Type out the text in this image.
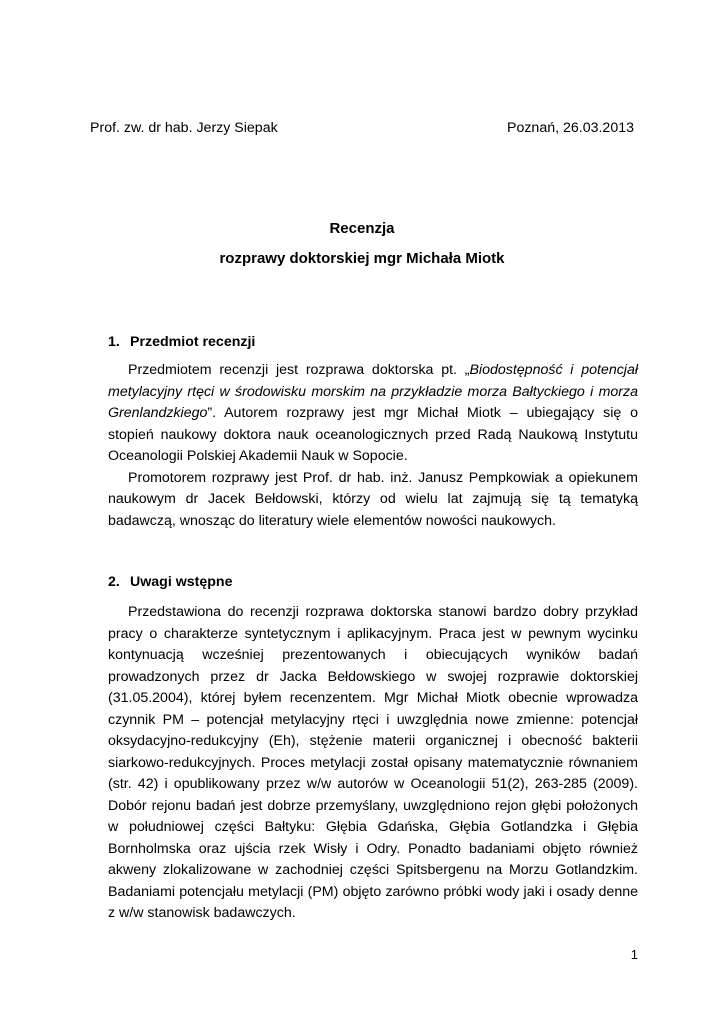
Prof. zw. dr hab. Jerzy Siepak	Poznań, 26.03.2013
Recenzja
rozprawy doktorskiej mgr Michała Miotk
1. Przedmiot recenzji

Przedmiotem recenzji jest rozprawa doktorska pt. „Biodostępność i potencjał metylacyjny rtęci w środowisku morskim na przykładzie morza Bałtyckiego i morza Grenlandzkiego”. Autorem rozprawy jest mgr Michał Miotk – ubiegający się o stopień naukowy doktora nauk oceanologicznych przed Radą Naukową Instytutu Oceanologii Polskiej Akademii Nauk w Sopocie.

Promotorem rozprawy jest Prof. dr hab. inż. Janusz Pempkowiak a opiekunem naukowym dr Jacek Bełdowski, którzy od wielu lat zajmują się tą tematyką badawczą, wnosząc do literatury wiele elementów nowości naukowych.

2. Uwagi wstępne

Przedstawiona do recenzji rozprawa doktorska stanowi bardzo dobry przykład pracy o charakterze syntetycznym i aplikacyjnym. Praca jest w pewnym wycinku kontynuacją wcześniej prezentowanych i obiecujących wyników badań prowadzonych przez dr Jacka Bełdowskiego w swojej rozprawie doktorskiej (31.05.2004), której byłem recenzentem. Mgr Michał Miotk obecnie wprowadza czynnik PM – potencjał metylacyjny rtęci i uwzględnia nowe zmienne: potencjał oksydacyjno-redukcyjny (Eh), stężenie materii organicznej i obecność bakterii siarkowo-redukcyjnych. Proces metylacji został opisany matematycznie równaniem (str. 42) i opublikowany przez w/w autorów w Oceanologii 51(2), 263-285 (2009). Dobór rejonu badań jest dobrze przemyślany, uwzględniono rejon głębi położonych w południowej części Bałtyku: Głębia Gdańska, Głębia Gotlandzka i Głębia Bornholmska oraz ujścia rzek Wisły i Odry. Ponadto badaniami objęto również akweny zlokalizowane w zachodniej części Spitsbergenu na Morzu Gotlandzkim. Badaniami potencjału metylacji (PM) objęto zarówno próbki wody jaki i osady denne z w/w stanowisk badawczych.

1
